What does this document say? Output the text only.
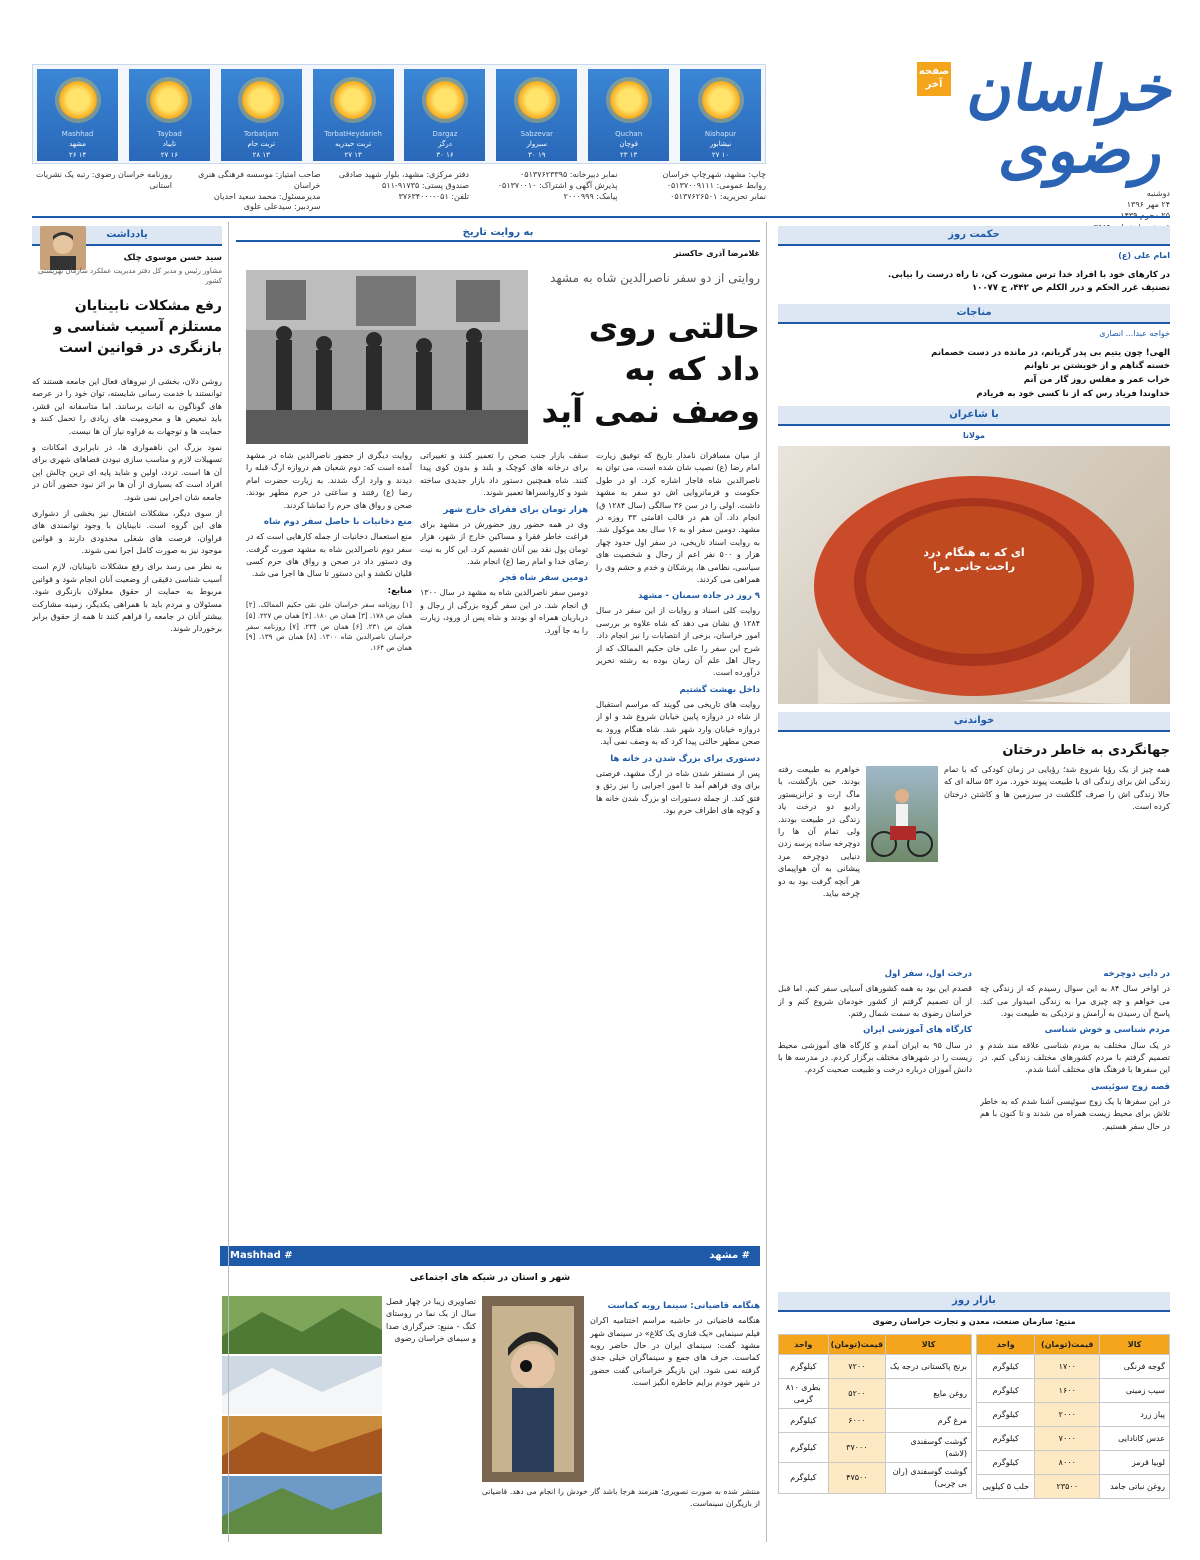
صفحه آخر خراسان رضوی
دوشنبه
۲۴ مهر ۱۳۹۶
Mashhad
مشهد
۱۴ ۲۶
Taybad
تایباد
۱۶ ۲۷
Torbatjam
تربت جام
۱۳ ۲۸
TorbatHeydarieh
تربت حیدریه
۱۳ ۲۷
Dargaz
درگز
۱۶ ۳۰
Sabzevar
سبزوار
۱۹ ۳۰
Quchan
قوچان
۱۳ ۲۳
Nishapur
نیشابور
۱۰ ۲۷
روزنامه خراسان رضوی: رتبه یک نشریات استانی
صاحب امتیاز: موسسه فرهنگی هنری خراسان
مدیرمسئول: محمد سعید احدیان
سردبیر: سیدعلی علوی
دفتر مرکزی: مشهد، بلوار شهید صادقی
صندوق پستی: ۹۱۷۳۵-۵۱۱
تلفن: ۰۵۱-۳۷۶۳۴۰۰۰
نمابر دبیرخانه: ۰۵۱۳۷۶۲۳۳۹۵
پذیرش آگهی و اشتراک: ۰۵۱۳۷۰۰۱۰
پیامک: ۲۰۰۰۹۹۹
چاپ: مشهد، شهرچاپ خراسان
روابط عمومی: ۰۵۱۳۷۰۰۹۱۱۱
نمابر تحریریه: ۰۵۱۳۷۶۲۶۵۰۱
حکمت روز
امام علی (ع)
در کارهای خود با افراد خدا ترس مشورت کن، تا راه درست را بیابی.
تصنیف غرر الحکم و درر الکلم ص ۴۴۲، ح ۱۰۰۷۷
مناجات
خواجه عبدا... انصاری
الهی! چون یتیم بی پدر گریانم، در مانده در دست خصمانم
خسته گناهم و از خویشتن بر تاوانم
خراب عمر و مفلس روز گار من آنم
خداوندا فریاد رس که از نا کسی خود به فریادم
با شاعران
مولانا
ای که به هنگام درد راحت جانی مرا
خواندنی
جهانگردی به خاطر درختان
همه چیز از یک رؤیا شروع شد؛ رؤیایی در زمان کودکی که با تمام زندگی اش برای زندگی ای با طبیعت پیوند خورد. مرد ۵۳ ساله ای که حالا زندگی اش را صرف گلگشت در سرزمین ها و کاشتن درختان کرده است.
خواهرم به طبیعت رفته بودند. حین بازگشت، با ماگ ارت و ترانزیستور رادیو دو درخت یاد زندگی در طبیعت بودند. ولی تمام آن ها را دوچرخه ساده پرسه زدن دنیایی دوچرخه مرد پیشانی به آن هواپیمای هر آنچه گرفت بود به دو چرخه بیاید.
در دایی دوچرخه
در اواخر سال ۸۴ به این سوال رسیدم که از زندگی چه می خواهم و چه چیزی مرا به زندگی امیدوار می کند. پاسخ آن رسیدن به آرامش و نزدیکی به طبیعت بود.
مردم شناسی و خوش شناسی
در یک سال مختلف به مردم شناسی علاقه مند شدم و تصمیم گرفتم با مردم کشورهای مختلف زندگی کنم. در این سفرها با فرهنگ های مختلف آشنا شدم.
قصه زوج سوئیسی
در این سفرها با یک زوج سوئیسی آشنا شدم که به خاطر تلاش برای محیط زیست همراه من شدند و تا کنون با هم در حال سفر هستیم.
درخت اول، سفر اول
قصدم این بود به همه کشورهای آسیایی سفر کنم. اما قبل از آن تصمیم گرفتم از کشور خودمان شروع کنم و از خراسان رضوی به سمت شمال رفتم.
کارگاه های آموزشی ایران
در سال ۹۵ به ایران آمدم و کارگاه های آموزشی محیط زیست را در شهرهای مختلف برگزار کردم. در مدرسه ها با دانش آموزان درباره درخت و طبیعت صحبت کردم.
بازار روز
منبع: سازمان صنعت، معدن و تجارت خراسان رضوی
کالا	قیمت(تومان)	واحد
گوجه فرنگی	۱۷۰۰	کیلوگرم
سیب زمینی	۱۶۰۰	کیلوگرم
پیاز زرد	۲۰۰۰	کیلوگرم
عدس کانادایی	۷۰۰۰	کیلوگرم
لوبیا قرمز	۸۰۰۰	کیلوگرم
روغن نباتی جامد	۲۳۵۰۰	حلب ۵ کیلویی
کالا	قیمت(تومان)	واحد
برنج پاکستانی درجه یک	۷۲۰۰	کیلوگرم
روغن مایع	۵۲۰۰	بطری ۸۱۰ گرمی
مرغ گرم	۶۰۰۰	کیلوگرم
گوشت گوسفندی (لاشه)	۳۷۰۰۰	کیلوگرم
گوشت گوسفندی (ران بی چربی)	۴۷۵۰۰	کیلوگرم
به روایت تاریخ
غلامرضا آذری خاکستر
روایتی از دو سفر ناصرالدین شاه به مشهد
حالتی روی داد که به وصف نمی آید
از میان مسافران نامدار تاریخ که توفیق زیارت امام رضا (ع) نصیب شان شده است، می توان به ناصرالدین شاه قاجار اشاره کرد. او در طول حکومت و فرمانروایی اش دو سفر به مشهد داشت. اولی را در سن ۳۶ سالگی (سال ۱۲۸۴ ق) انجام داد. آن هم در قالب اقامتی ۳۳ روزه در مشهد. دومین سفر او به ۱۶ سال بعد موکول شد. به روایت اسناد تاریخی، در سفر اول حدود چهار هزار و ۵۰۰ نفر اعم از رجال و شخصیت های سیاسی، نظامی ها، پزشکان و خدم و حشم وی را همراهی می کردند.
۹ روز در جاده سمنان - مشهد
روایت کلی اسناد و روایات از این سفر در سال ۱۲۸۴ ق نشان می دهد که شاه علاوه بر بررسی امور خراسان، برخی از انتصابات را نیز انجام داد. شرح این سفر را علی خان حکیم الممالک که از رجال اهل علم آن زمان بوده به رشته تحریر درآورده است.
داخل بهشت گشتیم
روایت های تاریخی می گویند که مراسم استقبال از شاه در دروازه پایین خیابان شروع شد و او از دروازه خیابان وارد شهر شد. شاه هنگام ورود به صحن مطهر حالتی پیدا کرد که به وصف نمی آید.
دستوری برای بزرگ شدن در خانه ها
پس از مستقر شدن شاه در ارگ مشهد، فرصتی برای وی فراهم آمد تا امور اجرایی را نیز رتق و فتق کند. از جمله دستورات او بزرگ شدن خانه ها و کوچه های اطراف حرم بود.
سقف بازار جنب صحن را تعمیر کنند و تغییراتی برای درخانه های کوچک و بلند و بدون کوی پیدا کنند. شاه همچنین دستور داد بازار جدیدی ساخته شود و کاروانسراها تعمیر شوند.
هزار تومان برای فقرای خارج شهر
وی در همه حضور روز حضورش در مشهد برای فراغت خاطر فقرا و مساکین خارج از شهر، هزار تومان پول نقد بین آنان تقسیم کرد. این کار به نیت رضای خدا و امام رضا (ع) انجام شد.
دومین سفر شاه قجر
دومین سفر ناصرالدین شاه به مشهد در سال ۱۳۰۰ ق انجام شد. در این سفر گروه بزرگی از رجال و درباریان همراه او بودند و شاه پس از ورود، زیارت را به جا آورد.
روایت دیگری از حضور ناصرالدین شاه در مشهد آمده است که: دوم شعبان هم دروازه ارگ قبله را دیدند و وارد ارگ شدند. به زیارت حضرت امام رضا (ع) رفتند و ساعتی در حرم مطهر بودند. صحن و رواق های حرم را تماشا کردند.
منع دخانیات با حاصل سفر دوم شاه
منع استعمال دخانیات از جمله کارهایی است که در سفر دوم ناصرالدین شاه به مشهد صورت گرفت. وی دستور داد در صحن و رواق های حرم کسی قلیان نکشد و این دستور تا سال ها اجرا می شد.
منابع:
[۱] روزنامه سفر خراسان علی نقی حکیم الممالک. [۲] همان ص ۱۷۸. [۳] همان ص ۱۸۰. [۴] همان ص ۲۲۷. [۵] همان ص ۲۳۱. [۶] همان ص ۲۳۴. [۷] روزنامه سفر خراسان ناصرالدین شاه ۱۳۰۰. [۸] همان ص ۱۳۹. [۹] همان ص ۱۶۴.
# مشهد
# Mashhad
شهر و استان در شبکه های اجتماعی
هنگامه قاضیانی: سینما روبه کماست
هنگامه قاضیانی در حاشیه مراسم اختتامیه اکران فیلم سینمایی «یک قناری یک کلاغ» در سینمای شهر مشهد گفت: سینمای ایران در حال حاضر روبه کماست. حرف های جمع و سینماگران خیلی جدی گرفته نمی شود. این بازیگر خراسانی گفت حضور در شهر خودم برایم خاطره انگیز است.
منتشر شده به صورت تصویری؛ هنرمند هرجا باشد گار خودش را انجام می دهد. قاضیانی از بازیگران سینماست.
تصاویری زیبا در چهار فصل سال از یک نما در روستای کنگ - منبع: خبرگزاری صدا و سیمای خراسان رضوی
یادداشت
سید حسن موسوی چلک
مشاور رئیس و مدیر کل دفتر مدیریت عملکرد سازمان بهزیستی کشور
رفع مشکلات نابینایان مستلزم آسیب شناسی و بازنگری در قوانین است

روشن دلان، بخشی از نیروهای فعال این جامعه هستند که توانستند با خدمت رسانی شایسته، توان خود را در عرصه های گوناگون به اثبات برسانند. اما متاسفانه این قشر، باید تبعیض ها و محرومیت های زیادی را تحمل کنند و حمایت ها و توجهات به فراوه نیاز آن ها نیست.

نمود بزرگ این ناهمواری ها، در نابرابری امکانات و تسهیلات لازم و مناسب سازی نبودن فضاهای شهری برای آن ها است. تردد، اولین و شاید پایه ای ترین چالش این افراد است که بسیاری از آن ها بر اثر نبود حضور آنان در جامعه شان اجرایی نمی شود.

از سوی دیگر، مشکلات اشتغال نیز بخشی از دشواری های این گروه است. نابینایان با وجود توانمندی های فراوان، فرصت های شغلی محدودی دارند و قوانین موجود نیز به صورت کامل اجرا نمی شوند.

به نظر می رسد برای رفع مشکلات نابینایان، لازم است آسیب شناسی دقیقی از وضعیت آنان انجام شود و قوانین مربوط به حمایت از حقوق معلولان بازنگری شود. مسئولان و مردم باید با همراهی یکدیگر، زمینه مشارکت بیشتر آنان در جامعه را فراهم کنند تا همه از حقوق برابر برخوردار شوند.
